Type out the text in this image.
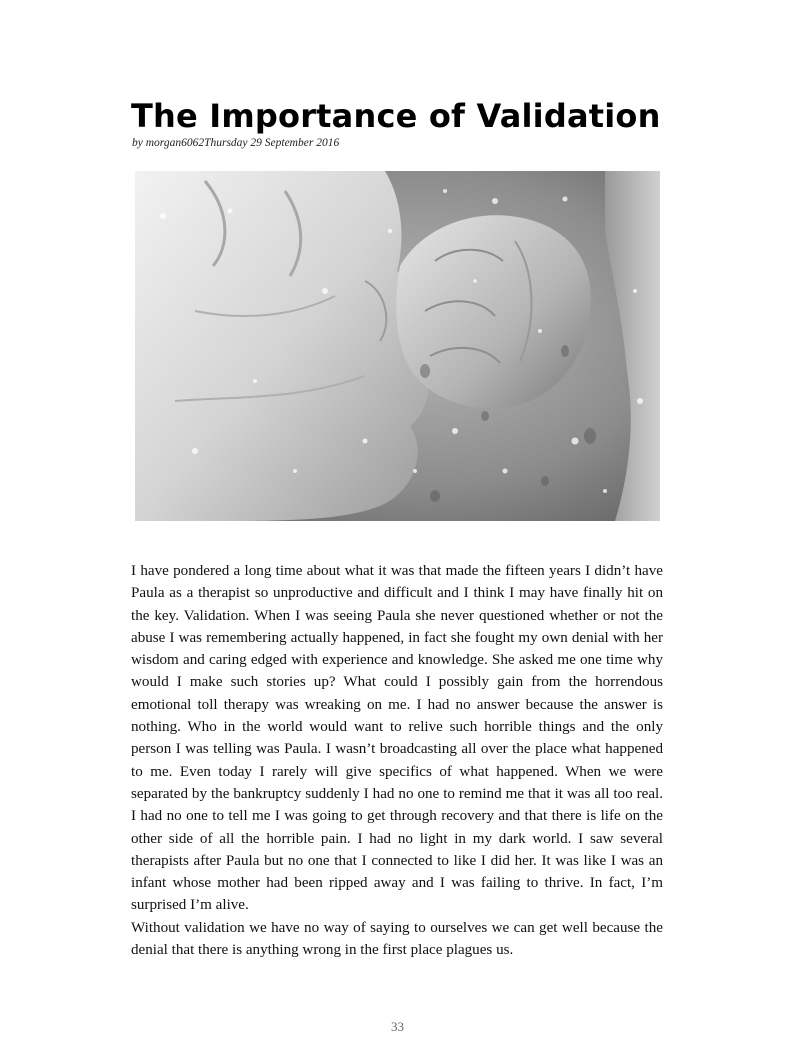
The Importance of Validation
by morgan6062Thursday 29 September 2016

I have pondered a long time about what it was that made the fifteen years I didn’t have Paula as a therapist so unproductive and difficult and I think I may have finally hit on the key. Validation. When I was seeing Paula she never questioned whether or not the abuse I was remembering actually happened, in fact she fought my own denial with her wisdom and caring edged with experience and knowledge. She asked me one time why would I make such stories up? What could I possibly gain from the horrendous emotional toll therapy was wreaking on me. I had no answer because the answer is nothing. Who in the world would want to relive such horrible things and the only person I was telling was Paula. I wasn’t broadcasting all over the place what happened to me. Even today I rarely will give specifics of what happened. When we were separated by the bankruptcy suddenly I had no one to remind me that it was all too real. I had no one to tell me I was going to get through recovery and that there is life on the other side of all the horrible pain. I had no light in my dark world. I saw several therapists after Paula but no one that I connected to like I did her. It was like I was an infant whose mother had been ripped away and I was failing to thrive. In fact, I’m surprised I’m alive.

Without validation we have no way of saying to ourselves we can get well because the denial that there is anything wrong in the first place plagues us.

33
